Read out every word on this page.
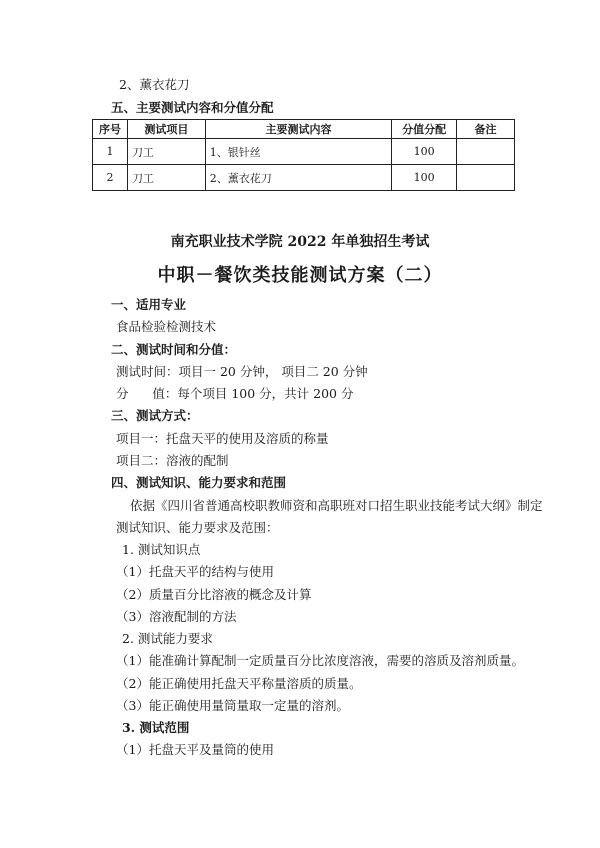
2、薰衣花刀
五、主要测试内容和分值分配
序号	测试项目	主要测试内容	分值分配	备注
1	刀工	1、银针丝	100	
2	刀工	2、薰衣花刀	100	
南充职业技术学院 2022 年单独招生考试
中职－餐饮类技能测试方案（二）
一、适用专业
食品检验检测技术
二、测试时间和分值：
测试时间：项目一 20 分钟， 项目二 20 分钟
分      值：每个项目 100 分，共计 200 分
三、测试方式：
项目一：托盘天平的使用及溶质的称量
项目二：溶液的配制
四、测试知识、能力要求和范围
依据《四川省普通高校职教师资和高职班对口招生职业技能考试大纲》制定
测试知识、能力要求及范围：
1. 测试知识点
（1）托盘天平的结构与使用
（2）质量百分比溶液的概念及计算
（3）溶液配制的方法
2. 测试能力要求
（1）能准确计算配制一定质量百分比浓度溶液，需要的溶质及溶剂质量。
（2）能正确使用托盘天平称量溶质的质量。
（3）能正确使用量筒量取一定量的溶剂。
3. 测试范围
（1）托盘天平及量筒的使用
